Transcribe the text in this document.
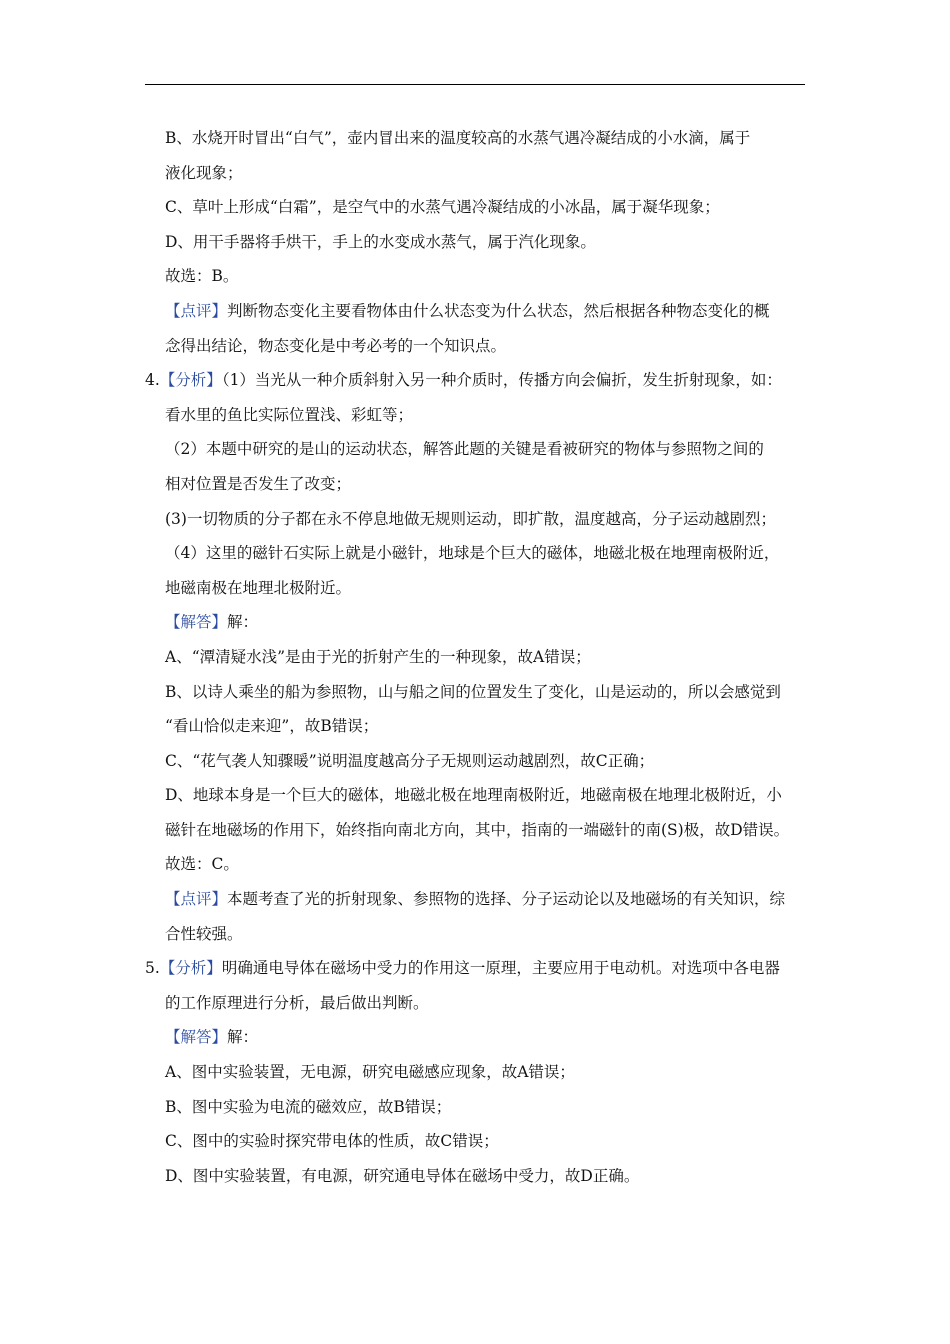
B、水烧开时冒出“白气”，壶内冒出来的温度较高的水蒸气遇冷凝结成的小水滴，属于
液化现象；
C、草叶上形成“白霜”，是空气中的水蒸气遇冷凝结成的小冰晶，属于凝华现象；
D、用干手器将手烘干，手上的水变成水蒸气，属于汽化现象。
故选：B。
【点评】判断物态变化主要看物体由什么状态变为什么状态，然后根据各种物态变化的概
念得出结论，物态变化是中考必考的一个知识点。
4.【分析】（1）当光从一种介质斜射入另一种介质时，传播方向会偏折，发生折射现象，如：
看水里的鱼比实际位置浅、彩虹等；
（2）本题中研究的是山的运动状态，解答此题的关键是看被研究的物体与参照物之间的
相对位置是否发生了改变；
(3)一切物质的分子都在永不停息地做无规则运动，即扩散，温度越高，分子运动越剧烈；
（4）这里的磁针石实际上就是小磁针，地球是个巨大的磁体，地磁北极在地理南极附近，
地磁南极在地理北极附近。
【解答】解：
A、“潭清疑水浅”是由于光的折射产生的一种现象，故A错误；
B、以诗人乘坐的船为参照物，山与船之间的位置发生了变化，山是运动的，所以会感觉到
“看山恰似走来迎”，故B错误；
C、“花气袭人知骤暖”说明温度越高分子无规则运动越剧烈，故C正确；
D、地球本身是一个巨大的磁体，地磁北极在地理南极附近，地磁南极在地理北极附近，小
磁针在地磁场的作用下，始终指向南北方向，其中，指南的一端磁针的南(S)极，故D错误。
故选：C。
【点评】本题考查了光的折射现象、参照物的选择、分子运动论以及地磁场的有关知识，综
合性较强。
5.【分析】明确通电导体在磁场中受力的作用这一原理，主要应用于电动机。对选项中各电器
的工作原理进行分析，最后做出判断。
【解答】解：
A、图中实验装置，无电源，研究电磁感应现象，故A错误；
B、图中实验为电流的磁效应，故B错误；
C、图中的实验时探究带电体的性质，故C错误；
D、图中实验装置，有电源，研究通电导体在磁场中受力，故D正确。
